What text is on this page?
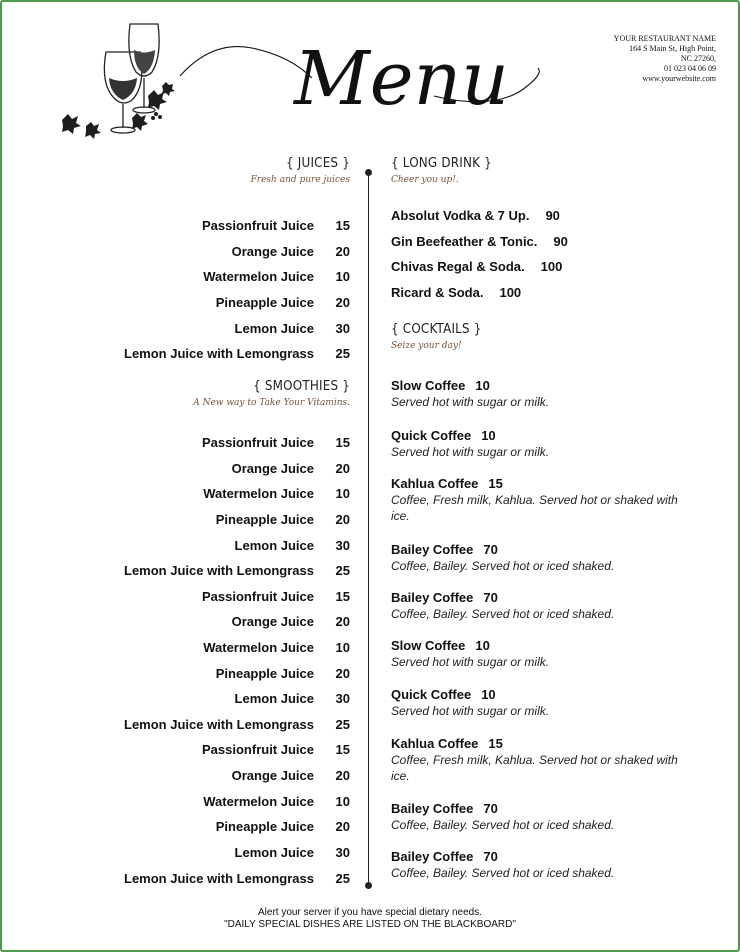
Menu	YOUR RESTAURANT NAME
164 S Main St, High Point,
NC 27260,
01 023 04 06 09
www.yourwebsite.com
{ JUICES }
Fresh and pure juices
Passionfruit Juice 15
Orange Juice 20
Watermelon Juice 10
Pineapple Juice 20
Lemon Juice 30
Lemon Juice with Lemongrass 25
{ SMOOTHIES }
A New way to Take Your Vitamins.
Passionfruit Juice 15
Orange Juice 20
Watermelon Juice 10
Pineapple Juice 20
Lemon Juice 30
Lemon Juice with Lemongrass 25
Passionfruit Juice 15
Orange Juice 20
Watermelon Juice 10
Pineapple Juice 20
Lemon Juice 30
Lemon Juice with Lemongrass 25
Passionfruit Juice 15
Orange Juice 20
Watermelon Juice 10
Pineapple Juice 20
Lemon Juice 30
Lemon Juice with Lemongrass 25
{ LONG DRINK }
Cheer you up!.
Absolut Vodka & 7 Up. 90
Gin Beefeather & Tonic. 90
Chivas Regal & Soda. 100
Ricard & Soda. 100
{ COCKTAILS }
Seize your day!
Slow Coffee 10
Served hot with sugar or milk.
Quick Coffee 10
Served hot with sugar or milk.
Kahlua Coffee 15
Coffee, Fresh milk, Kahlua. Served hot or shaked with ice.
Bailey Coffee 70
Coffee, Bailey. Served hot or iced shaked.
Bailey Coffee 70
Coffee, Bailey. Served hot or iced shaked.
Slow Coffee 10
Served hot with sugar or milk.
Quick Coffee 10
Served hot with sugar or milk.
Kahlua Coffee 15
Coffee, Fresh milk, Kahlua. Served hot or shaked with ice.
Bailey Coffee 70
Coffee, Bailey. Served hot or iced shaked.
Bailey Coffee 70
Coffee, Bailey. Served hot or iced shaked.
Alert your server if you have special dietary needs.
"DAILY SPECIAL DISHES ARE LISTED ON THE BLACKBOARD"
